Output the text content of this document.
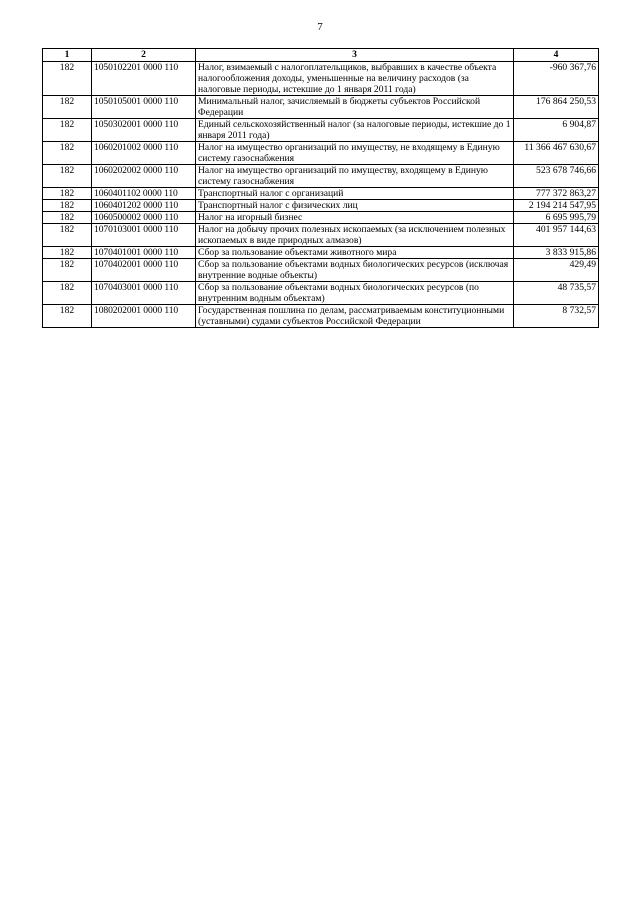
7
1	2	3	4
182	1050102201 0000 110	Налог, взимаемый с налогоплательщиков, выбравших в качестве объекта налогообложения доходы, уменьшенные на величину расходов (за налоговые периоды, истекшие до 1 января 2011 года)	-960 367,76
182	1050105001 0000 110	Минимальный налог, зачисляемый в бюджеты субъектов Российской Федерации	176 864 250,53
182	1050302001 0000 110	Единый сельскохозяйственный налог (за налоговые периоды, истекшие до 1 января 2011 года)	6 904,87
182	1060201002 0000 110	Налог на имущество организаций по имуществу, не входящему в Единую систему газоснабжения	11 366 467 630,67
182	1060202002 0000 110	Налог на имущество организаций по имуществу, входящему в Единую систему газоснабжения	523 678 746,66
182	1060401102 0000 110	Транспортный налог с организаций	777 372 863,27
182	1060401202 0000 110	Транспортный налог с физических лиц	2 194 214 547,95
182	1060500002 0000 110	Налог на игорный бизнес	6 695 995,79
182	1070103001 0000 110	Налог на добычу прочих полезных ископаемых (за исключением полезных ископаемых в виде природных алмазов)	401 957 144,63
182	1070401001 0000 110	Сбор за пользование объектами животного мира	3 833 915,86
182	1070402001 0000 110	Сбор за пользование объектами водных биологических ресурсов (исключая внутренние водные объекты)	429,49
182	1070403001 0000 110	Сбор за пользование объектами водных биологических ресурсов (по внутренним водным объектам)	48 735,57
182	1080202001 0000 110	Государственная пошлина по делам, рассматриваемым конституционными (уставными) судами субъектов Российской Федерации	8 732,57
